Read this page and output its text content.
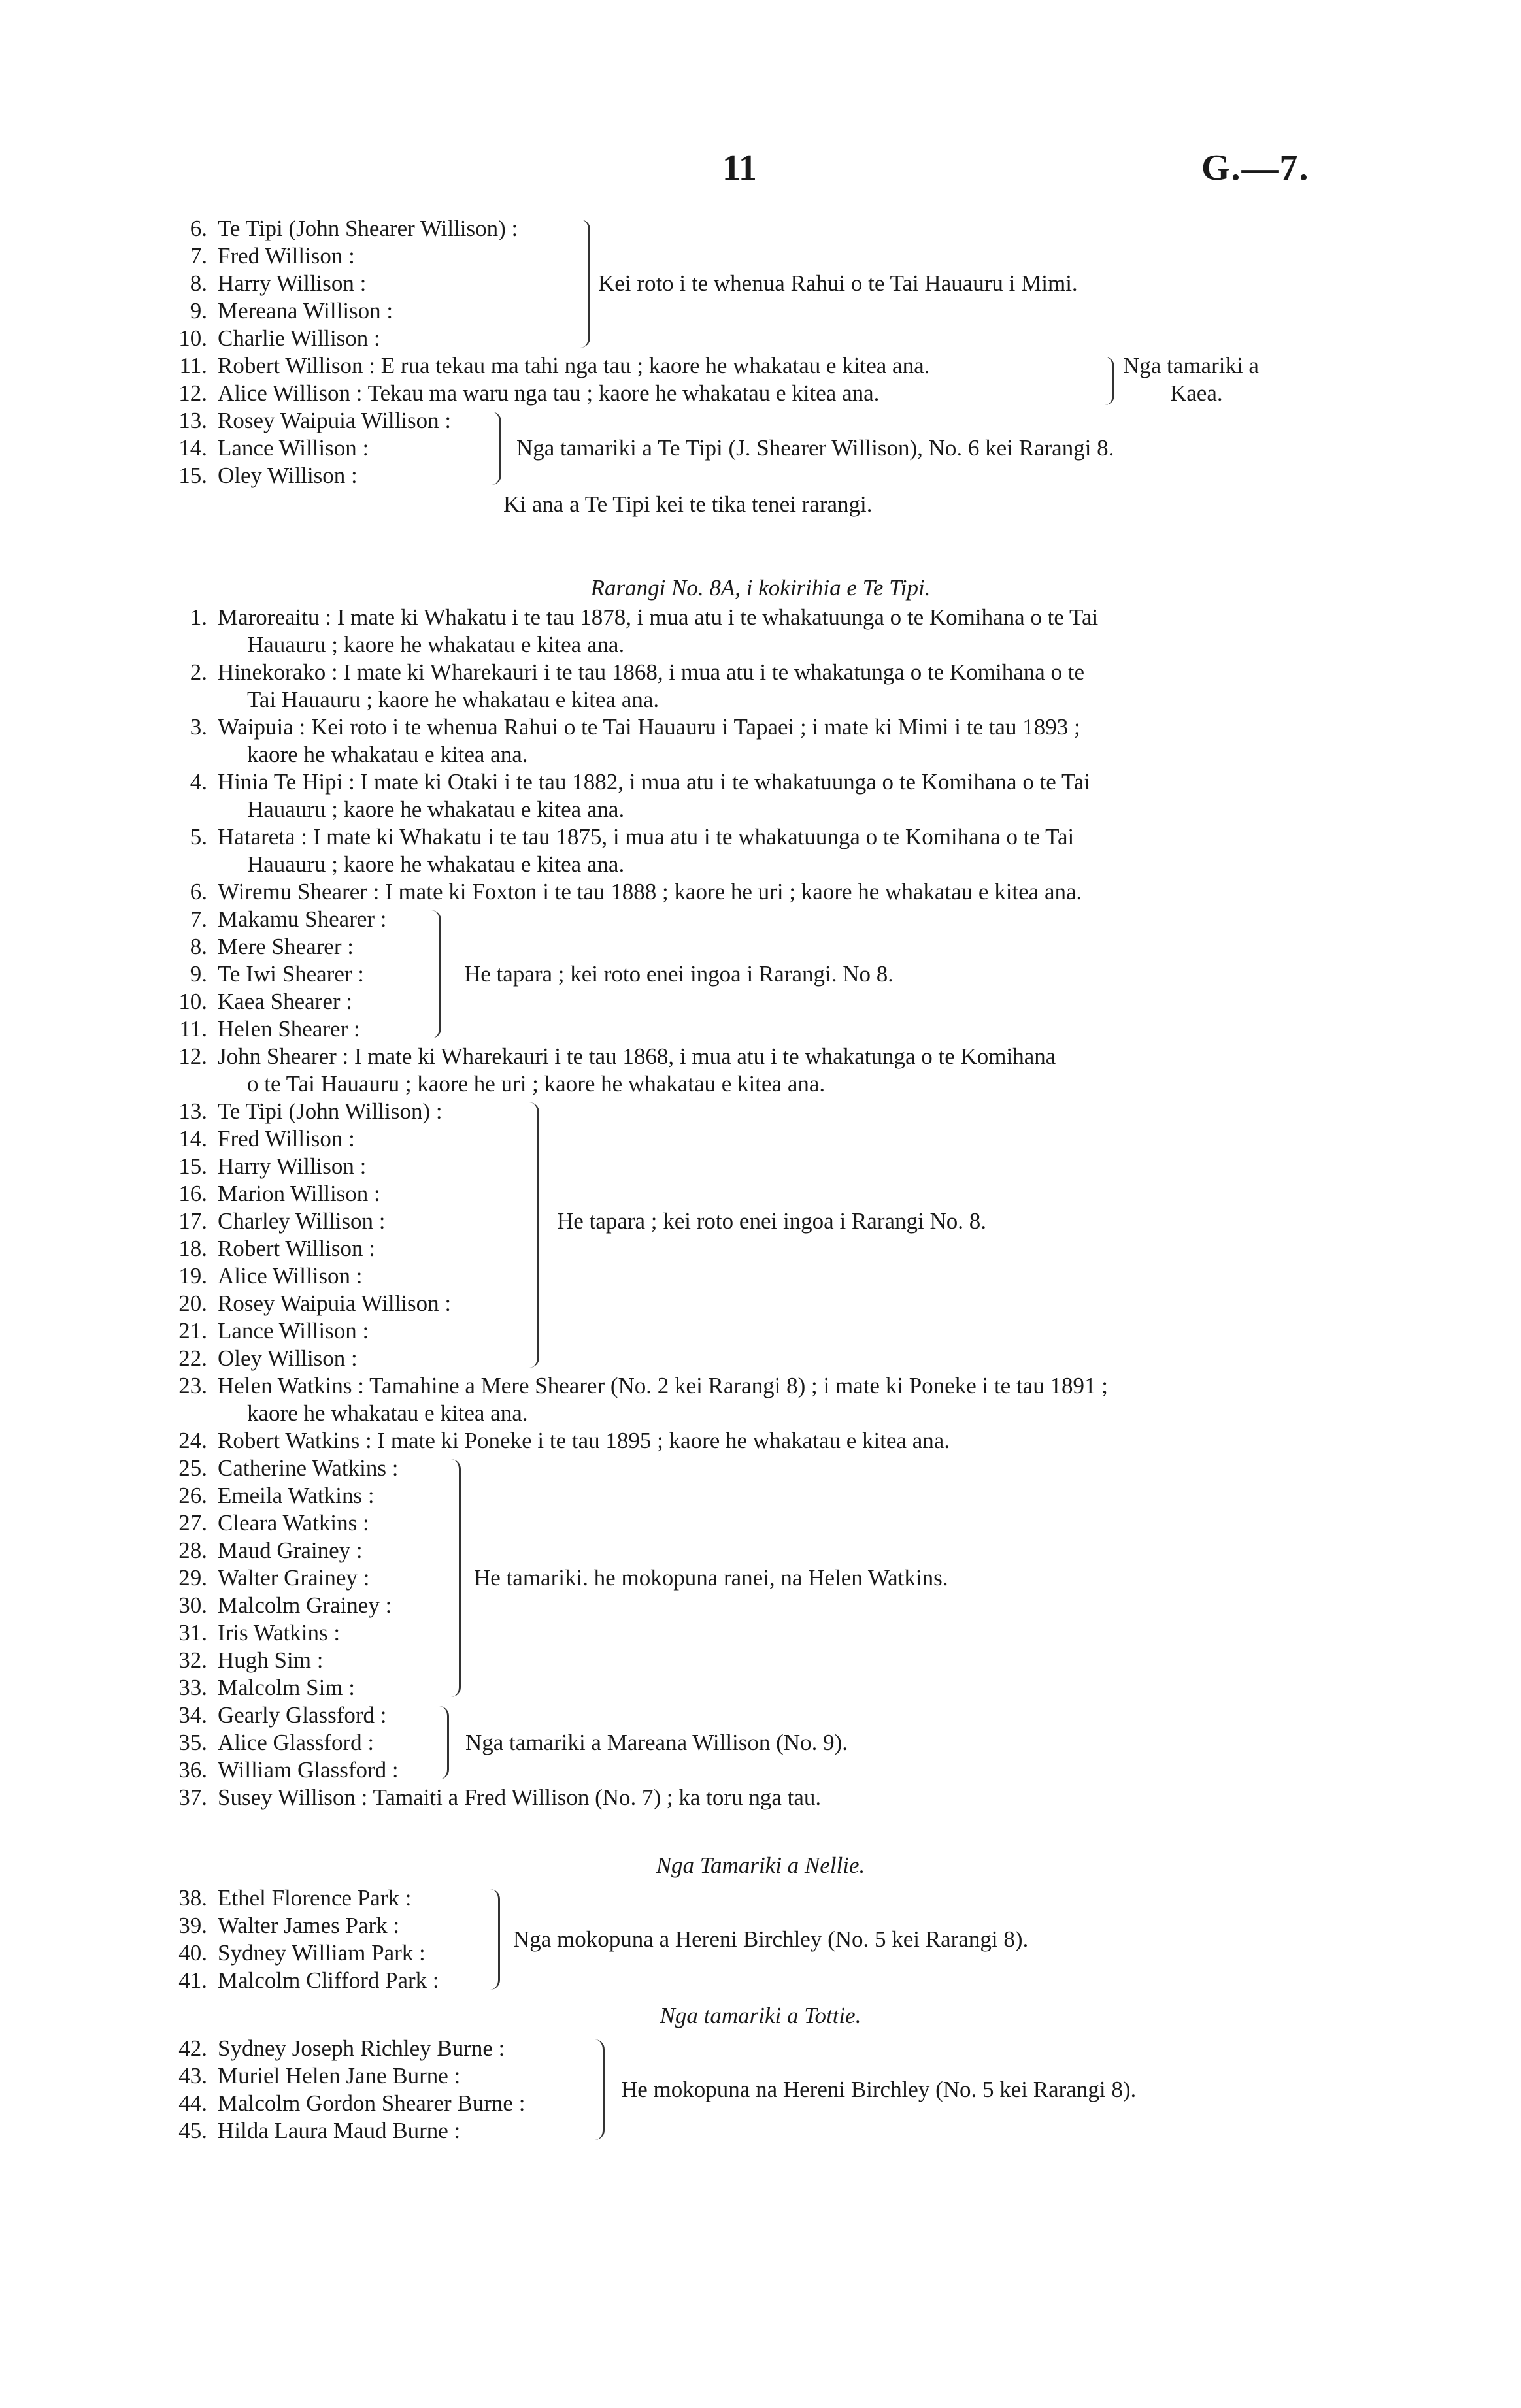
11	G.—7.
6. Te Tipi (John Shearer Willison) :
7. Fred Willison :
8. Harry Willison :
9. Mereana Willison :
10. Charlie Willison :
Kei roto i te whenua Rahui o te Tai Hauauru i Mimi.
11. Robert Willison : E rua tekau ma tahi nga tau ; kaore he whakatau e kitea ana.
12. Alice Willison : Tekau ma waru nga tau ; kaore he whakatau e kitea ana.
Nga tamariki a
Kaea.
13. Rosey Waipuia Willison :
14. Lance Willison :
15. Oley Willison :
Nga tamariki a Te Tipi (J. Shearer Willison), No. 6 kei Rarangi 8.
Ki ana a Te Tipi kei te tika tenei rarangi.
Rarangi No. 8A, i kokirihia e Te Tipi.
1. Maroreaitu : I mate ki Whakatu i te tau 1878, i mua atu i te whakatuunga o te Komihana o te Tai
Hauauru ; kaore he whakatau e kitea ana.
2. Hinekorako : I mate ki Wharekauri i te tau 1868, i mua atu i te whakatunga o te Komihana o te
Tai Hauauru ; kaore he whakatau e kitea ana.
3. Waipuia : Kei roto i te whenua Rahui o te Tai Hauauru i Tapaei ; i mate ki Mimi i te tau 1893 ;
kaore he whakatau e kitea ana.
4. Hinia Te Hipi : I mate ki Otaki i te tau 1882, i mua atu i te whakatuunga o te Komihana o te Tai
Hauauru ; kaore he whakatau e kitea ana.
5. Hatareta : I mate ki Whakatu i te tau 1875, i mua atu i te whakatuunga o te Komihana o te Tai
Hauauru ; kaore he whakatau e kitea ana.
6. Wiremu Shearer : I mate ki Foxton i te tau 1888 ; kaore he uri ; kaore he whakatau e kitea ana.
7. Makamu Shearer :
8. Mere Shearer :
9. Te Iwi Shearer :
10. Kaea Shearer :
11. Helen Shearer :
He tapara ; kei roto enei ingoa i Rarangi. No 8.
12. John Shearer : I mate ki Wharekauri i te tau 1868, i mua atu i te whakatunga o te Komihana
o te Tai Hauauru ; kaore he uri ; kaore he whakatau e kitea ana.
13. Te Tipi (John Willison) :
14. Fred Willison :
15. Harry Willison :
16. Marion Willison :
17. Charley Willison :
18. Robert Willison :
19. Alice Willison :
20. Rosey Waipuia Willison :
21. Lance Willison :
22. Oley Willison :
He tapara ; kei roto enei ingoa i Rarangi No. 8.
23. Helen Watkins : Tamahine a Mere Shearer (No. 2 kei Rarangi 8) ; i mate ki Poneke i te tau 1891 ;
kaore he whakatau e kitea ana.
24. Robert Watkins : I mate ki Poneke i te tau 1895 ; kaore he whakatau e kitea ana.
25. Catherine Watkins :
26. Emeila Watkins :
27. Cleara Watkins :
28. Maud Grainey :
29. Walter Grainey :
30. Malcolm Grainey :
31. Iris Watkins :
32. Hugh Sim :
33. Malcolm Sim :
He tamariki. he mokopuna ranei, na Helen Watkins.
34. Gearly Glassford :
35. Alice Glassford :
36. William Glassford :
Nga tamariki a Mareana Willison (No. 9).
37. Susey Willison : Tamaiti a Fred Willison (No. 7) ; ka toru nga tau.
Nga Tamariki a Nellie.
38. Ethel Florence Park :
39. Walter James Park :
40. Sydney William Park :
41. Malcolm Clifford Park :
Nga mokopuna a Hereni Birchley (No. 5 kei Rarangi 8).
Nga tamariki a Tottie.
42. Sydney Joseph Richley Burne :
43. Muriel Helen Jane Burne :
44. Malcolm Gordon Shearer Burne :
45. Hilda Laura Maud Burne :
He mokopuna na Hereni Birchley (No. 5 kei Rarangi 8).
